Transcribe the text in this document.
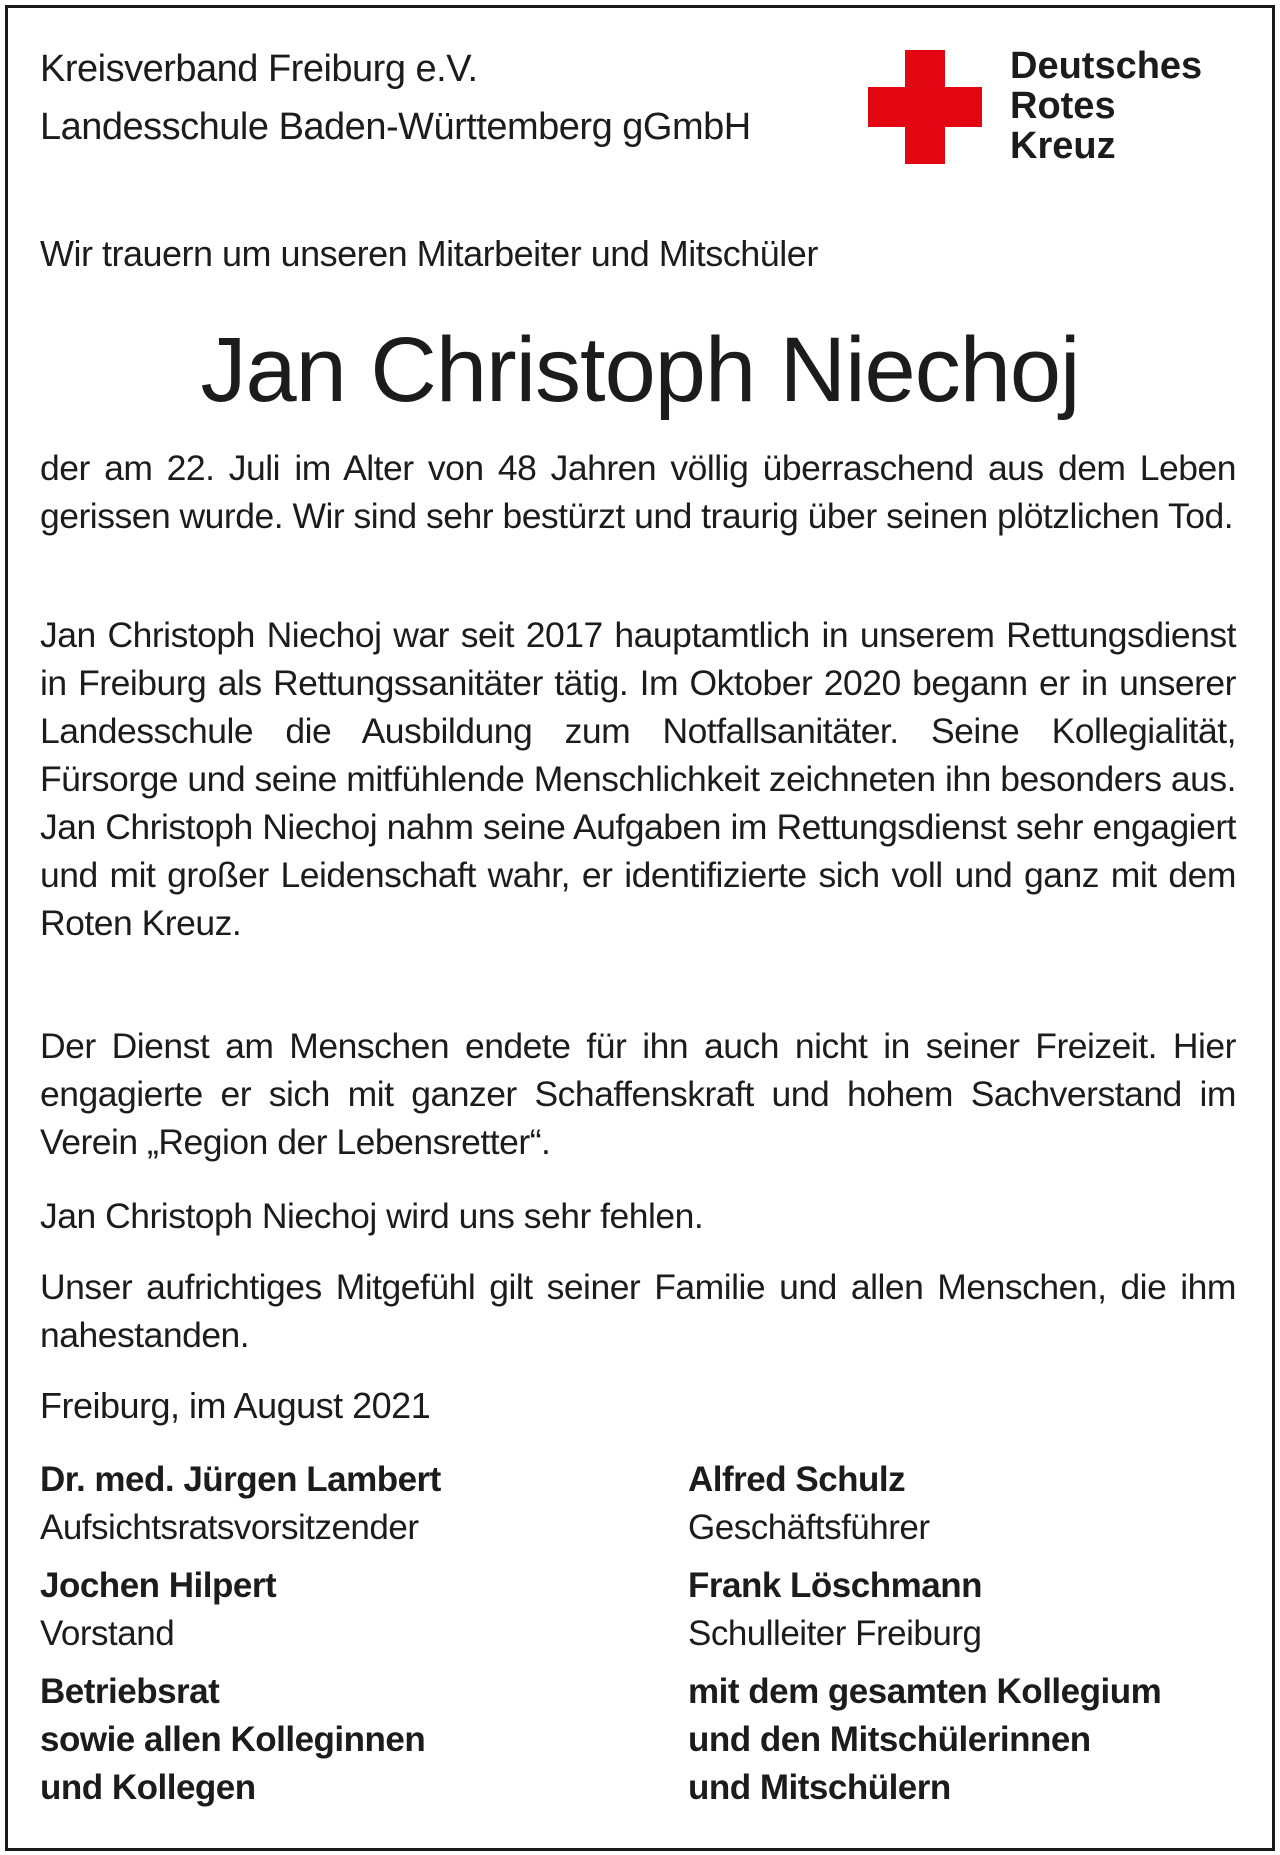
Kreisverband Freiburg e.V.
Landesschule Baden-Württemberg gGmbH
Deutsches
Rotes
Kreuz
Wir trauern um unseren Mitarbeiter und Mitschüler
Jan Christoph Niechoj

der am 22. Juli im Alter von 48 Jahren völlig überraschend aus dem Leben gerissen wurde. Wir sind sehr bestürzt und traurig über seinen plötzlichen Tod.

Jan Christoph Niechoj war seit 2017 hauptamtlich in unserem Rettungsdienst in Freiburg als Rettungssanitäter tätig. Im Oktober 2020 begann er in unserer Landesschule die Ausbildung zum Notfallsanitäter. Seine Kollegialität, Fürsorge und seine mitfühlende Menschlichkeit zeichneten ihn besonders aus. Jan Christoph Niechoj nahm seine Aufgaben im Rettungsdienst sehr engagiert und mit großer Leidenschaft wahr, er identifizierte sich voll und ganz mit dem Roten Kreuz.

Der Dienst am Menschen endete für ihn auch nicht in seiner Freizeit. Hier engagierte er sich mit ganzer Schaffenskraft und hohem Sachverstand im Verein „Region der Lebensretter“.

Jan Christoph Niechoj wird uns sehr fehlen.

Unser aufrichtiges Mitgefühl gilt seiner Familie und allen Menschen, die ihm nahestanden.

Freiburg, im August 2021
Dr. med. Jürgen Lambert
Aufsichtsratsvorsitzender
Alfred Schulz
Geschäftsführer
Jochen Hilpert
Vorstand
Frank Löschmann
Schulleiter Freiburg
Betriebsrat
sowie allen Kolleginnen
und Kollegen
mit dem gesamten Kollegium
und den Mitschülerinnen
und Mitschülern
